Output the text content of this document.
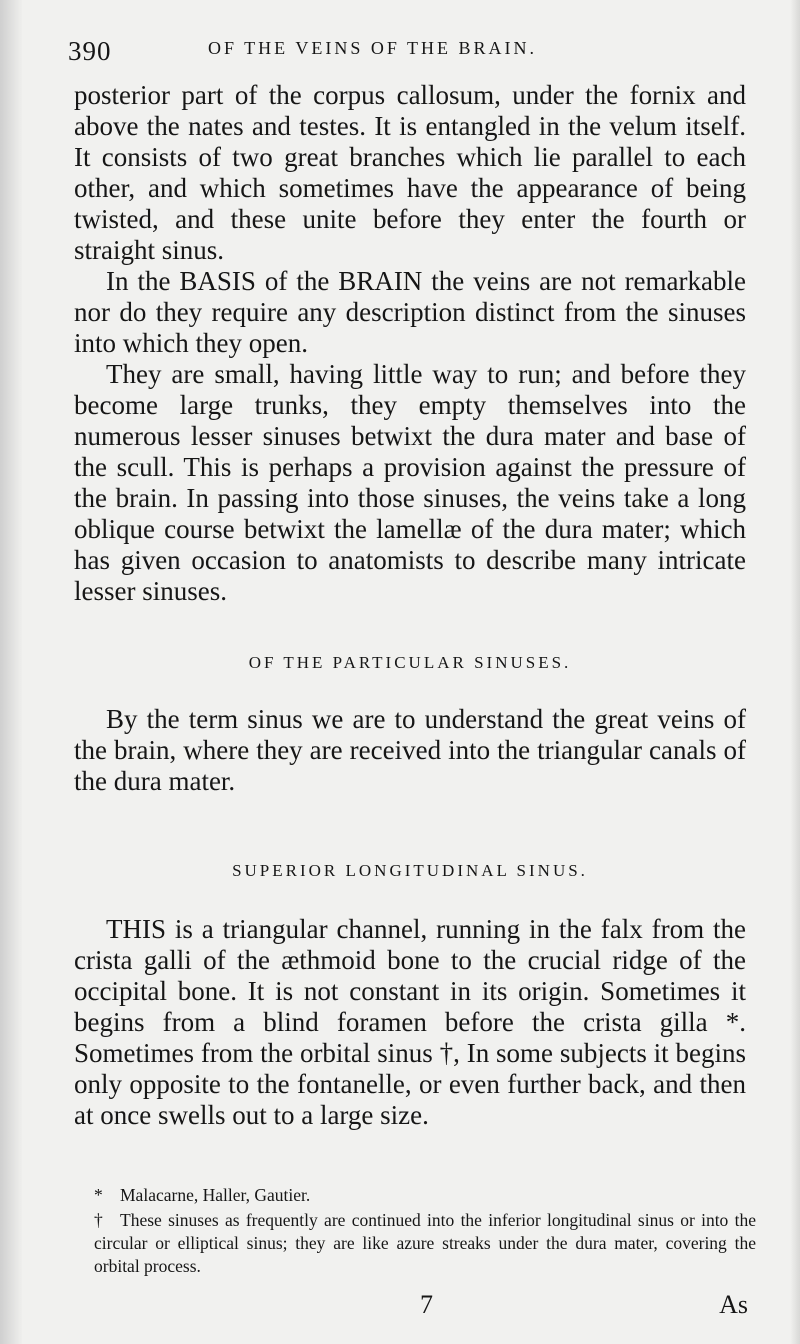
390	OF THE VEINS OF THE BRAIN.

posterior part of the corpus callosum, under the fornix and above the nates and testes. It is entangled in the velum itself. It consists of two great branches which lie parallel to each other, and which sometimes have the appearance of being twisted, and these unite before they enter the fourth or straight sinus.

In the BASIS of the BRAIN the veins are not remarkable nor do they require any description distinct from the sinuses into which they open.

They are small, having little way to run; and before they become large trunks, they empty themselves into the numerous lesser sinuses betwixt the dura mater and base of the scull. This is perhaps a provision against the pressure of the brain. In passing into those sinuses, the veins take a long oblique course betwixt the lamellæ of the dura mater; which has given occasion to anatomists to describe many intricate lesser sinuses.

OF THE PARTICULAR SINUSES.

By the term sinus we are to understand the great veins of the brain, where they are received into the triangular canals of the dura mater.

SUPERIOR LONGITUDINAL SINUS.

THIS is a triangular channel, running in the falx from the crista galli of the æthmoid bone to the crucial ridge of the occipital bone. It is not constant in its origin. Sometimes it begins from a blind foramen before the crista gilla *. Sometimes from the orbital sinus †, In some subjects it begins only opposite to the fontanelle, or even further back, and then at once swells out to a large size.

* Malacarne, Haller, Gautier.

† These sinuses as frequently are continued into the inferior longitudinal sinus or into the circular or elliptical sinus; they are like azure streaks under the dura mater, covering the orbital process.

7	As
